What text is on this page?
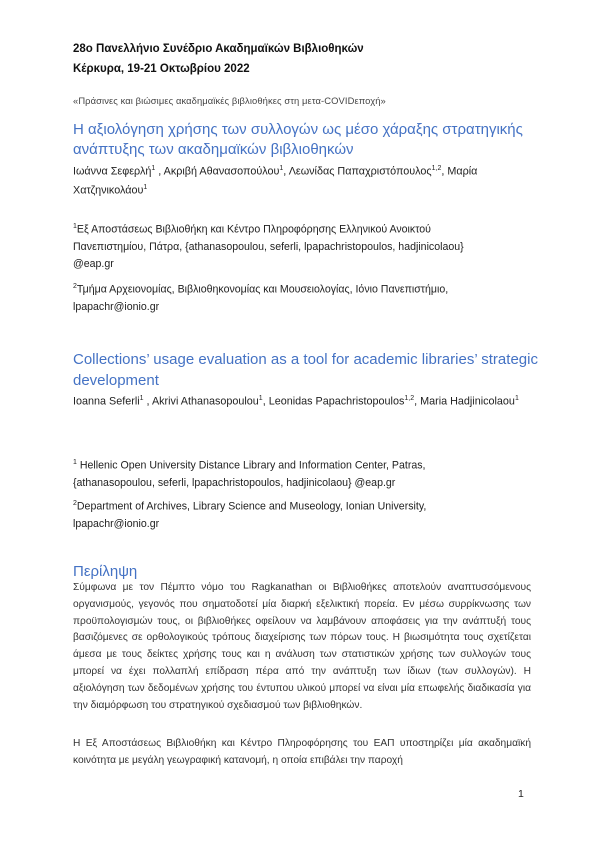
28ο Πανελλήνιο Συνέδριο Ακαδημαϊκών Βιβλιοθηκών
Κέρκυρα, 19-21 Οκτωβρίου 2022
«Πράσινες και βιώσιμες ακαδημαϊκές βιβλιοθήκες στη μετα-COVIDεποχή»
Η αξιολόγηση χρήσης των συλλογών ως μέσο χάραξης στρατηγικής ανάπτυξης των ακαδημαϊκών βιβλιοθηκών
Ιωάννα Σεφερλή$^1$ , Ακριβή Αθανασοπούλου$^1$, Λεωνίδας Παπαχριστόπουλος$^{1,2}$, Μαρία Χατζηνικολάου$^1$
$^1$Εξ Αποστάσεως Βιβλιοθήκη και Κέντρο Πληροφόρησης Ελληνικού Ανοικτού Πανεπιστημίου, Πάτρα, {athanasopoulou, seferli, lpapachristopoulos, hadjinicolaou} @eap.gr
$^2$Τμήμα Αρχειονομίας, Βιβλιοθηκονομίας και Μουσειολογίας, Ιόνιο Πανεπιστήμιο, lpapachr@ionio.gr
Collections’ usage evaluation as a tool for academic libraries’ strategic development
Ioanna Seferli$^1$ , Akrivi Athanasopoulou$^1$, Leonidas Papachristopoulos$^{1,2}$, Maria Hadjinicolaou$^1$
$^1$ Hellenic Open University Distance Library and Information Center, Patras, {athanasopoulou, seferli, lpapachristopoulos, hadjinicolaou} @eap.gr
$^2$Department of Archives, Library Science and Museology, Ionian University, lpapachr@ionio.gr
Περίληψη
Σύμφωνα με τον Πέμπτο νόμο του Ragkanathan οι Βιβλιοθήκες αποτελούν αναπτυσσόμενους οργανισμούς, γεγονός που σηματοδοτεί μία διαρκή εξελικτική πορεία. Εν μέσω συρρίκνωσης των προϋπολογισμών τους, οι βιβλιοθήκες οφείλουν να λαμβάνουν αποφάσεις για την ανάπτυξή τους βασιζόμενες σε ορθολογικούς τρόπους διαχείρισης των πόρων τους. Η βιωσιμότητα τους σχετίζεται άμεσα με τους δείκτες χρήσης τους και η ανάλυση των στατιστικών χρήσης των συλλογών τους μπορεί να έχει πολλαπλή επίδραση πέρα από την ανάπτυξη των ίδιων (των συλλογών). Η αξιολόγηση των δεδομένων χρήσης του έντυπου υλικού μπορεί να είναι μία επωφελής διαδικασία για την διαμόρφωση του στρατηγικού σχεδιασμού των βιβλιοθηκών.
Η Εξ Αποστάσεως Βιβλιοθήκη και Κέντρο Πληροφόρησης του ΕΑΠ υποστηρίζει μία ακαδημαϊκή κοινότητα με μεγάλη γεωγραφική κατανομή, η οποία επιβάλει την παροχή
1
